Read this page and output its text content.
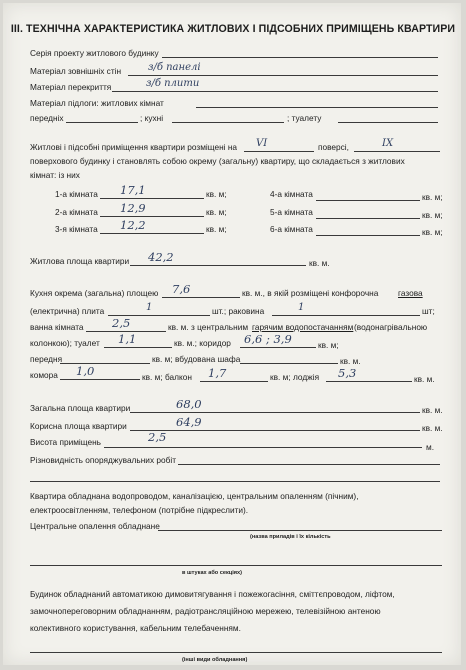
III. ТЕХНІЧНА ХАРАКТЕРИСТИКА ЖИТЛОВИХ І ПІДСОБНИХ ПРИМІЩЕНЬ КВАРТИРИ
Серія проекту житлового будинку
Матеріал зовнішніх стін	з/б панелі
Матеріал перекриття	з/б плити
Матеріал підлоги: житлових кімнат
передніх	; кухні	; туалету
Житлові і підсобні приміщення квартири розміщені на VI	поверсі,	IX
поверхового будинку і становлять собою окрему (загальну) квартиру, що складається з житлових
кімнат: із них
1-а кімната 17,1	кв. м;
2-а кімната 12,9	кв. м;
3-я кімната 12,2	кв. м;
4-а кімната	кв. м;
5-а кімната	кв. м;
6-а кімната	кв. м;
Житлова площа квартири 42,2	кв. м.
Кухня окрема (загальна) площею 7,6	кв. м., в якій розміщені конфорочна газова
(електрична) плита	1	шт.; раковина	1	шт;
ванна кімната 2,5	кв. м. з центральним гарячим водопостачанням (водонагрівальною
колонкою); туалет 1,1	кв. м.; коридор 6,6 ; 3,9	кв. м;
передня	кв. м; вбудована шафа	кв. м.
комора 1,0	кв. м; балкон 1,7	кв. м; лоджія 5,3	кв. м.
Загальна площа квартири	68,0	кв. м.
Корисна площа квартири	64,9	кв. м.
Висота приміщень	2,5
м.
Різновидність опоряджувальних робіт
Квартира обладнана водопроводом, каналізацією, центральним опаленням (пічним),
електроосвітленням, телефоном (потрібне підкреслити).
Центральне опалення обладнане
(назва приладів і їх кількість
в штуках або секціях)
Будинок обладнаний автоматикою димовитягування і пожежогасіння, сміттєпроводом, ліфтом,
замочнопереговорним обладнанням, радіотрансляційною мережею, телевізійною антеною
колективного користування, кабельним телебаченням.
(інші види обладнання)
